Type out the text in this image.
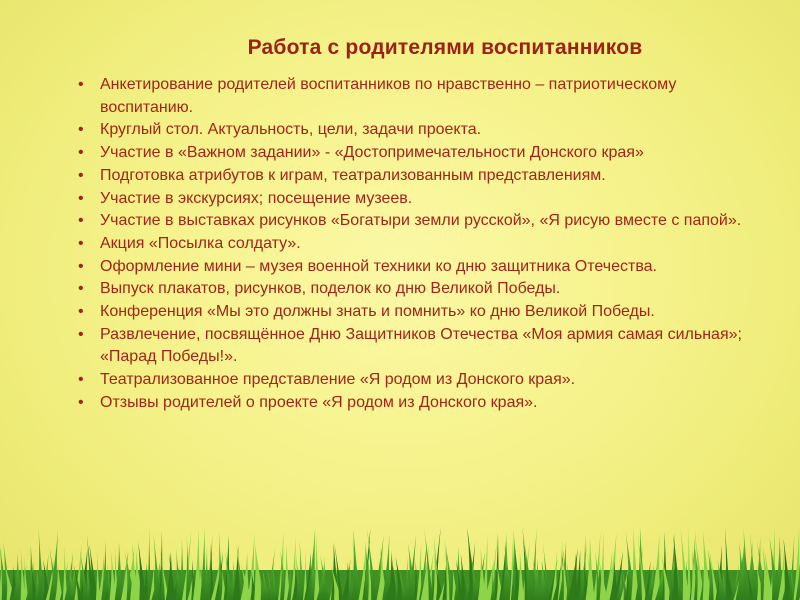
Работа с родителями воспитанников
• Анкетирование родителей воспитанников по нравственно – патриотическому воспитанию.
• Круглый стол. Актуальность, цели, задачи проекта.
• Участие в «Важном задании» - «Достопримечательности Донского края»
• Подготовка атрибутов к играм, театрализованным представлениям.
• Участие в экскурсиях; посещение музеев.
• Участие в выставках рисунков «Богатыри земли русской», «Я рисую вместе с папой».
• Акция «Посылка солдату».
• Оформление мини – музея военной техники ко дню защитника Отечества.
• Выпуск плакатов, рисунков, поделок ко дню Великой Победы.
• Конференция «Мы это должны знать и помнить» ко дню Великой Победы.
• Развлечение, посвящённое Дню Защитников Отечества «Моя армия самая сильная»; «Парад Победы!».
• Театрализованное представление «Я родом из Донского края».
• Отзывы родителей о проекте «Я родом из Донского края».
